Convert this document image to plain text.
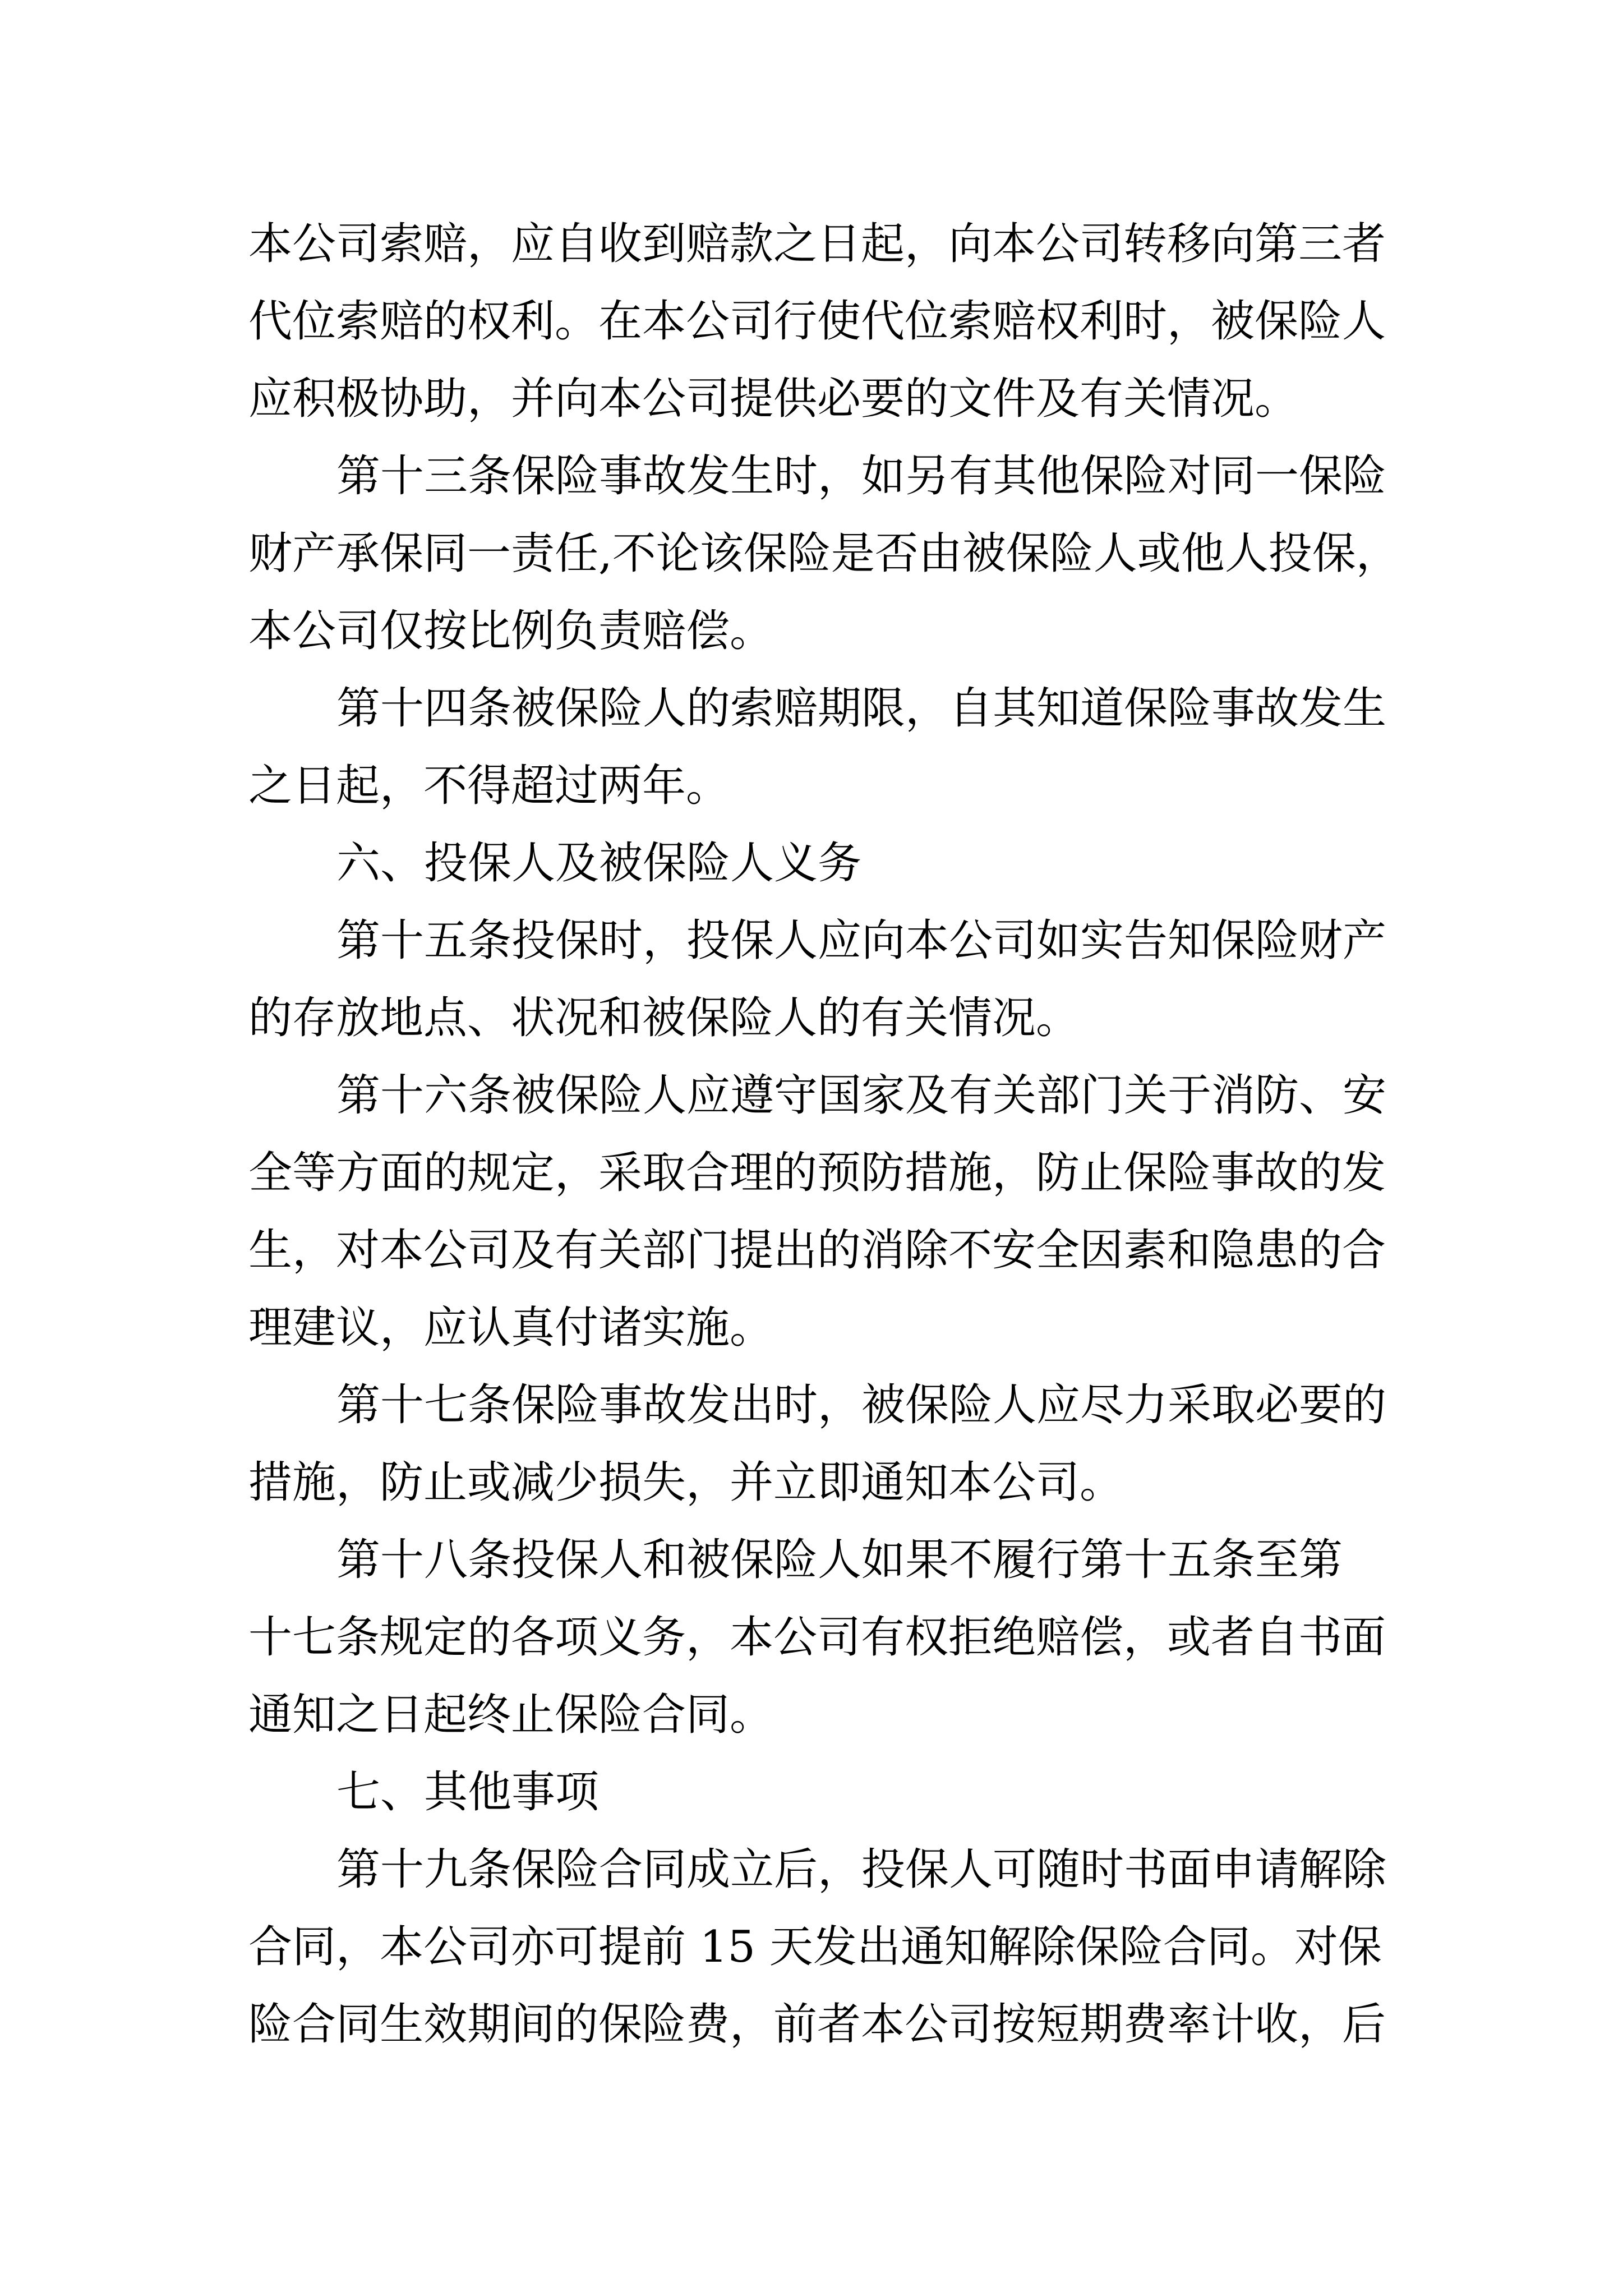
本公司索赔，应自收到赔款之日起，向本公司转移向第三者
代位索赔的权利。在本公司行使代位索赔权利时，被保险人
应积极协助，并向本公司提供必要的文件及有关情况。
第十三条保险事故发生时，如另有其他保险对同一保险
财产承保同一责任,不论该保险是否由被保险人或他人投保，
本公司仅按比例负责赔偿。
第十四条被保险人的索赔期限，自其知道保险事故发生
之日起，不得超过两年。
六、投保人及被保险人义务
第十五条投保时，投保人应向本公司如实告知保险财产
的存放地点、状况和被保险人的有关情况。
第十六条被保险人应遵守国家及有关部门关于消防、安
全等方面的规定，采取合理的预防措施，防止保险事故的发
生，对本公司及有关部门提出的消除不安全因素和隐患的合
理建议，应认真付诸实施。
第十七条保险事故发出时，被保险人应尽力采取必要的
措施，防止或减少损失，并立即通知本公司。
第十八条投保人和被保险人如果不履行第十五条至第
十七条规定的各项义务，本公司有权拒绝赔偿，或者自书面
通知之日起终止保险合同。
七、其他事项
第十九条保险合同成立后，投保人可随时书面申请解除
合同，本公司亦可提前 15 天发出通知解除保险合同。对保
险合同生效期间的保险费，前者本公司按短期费率计收，后
